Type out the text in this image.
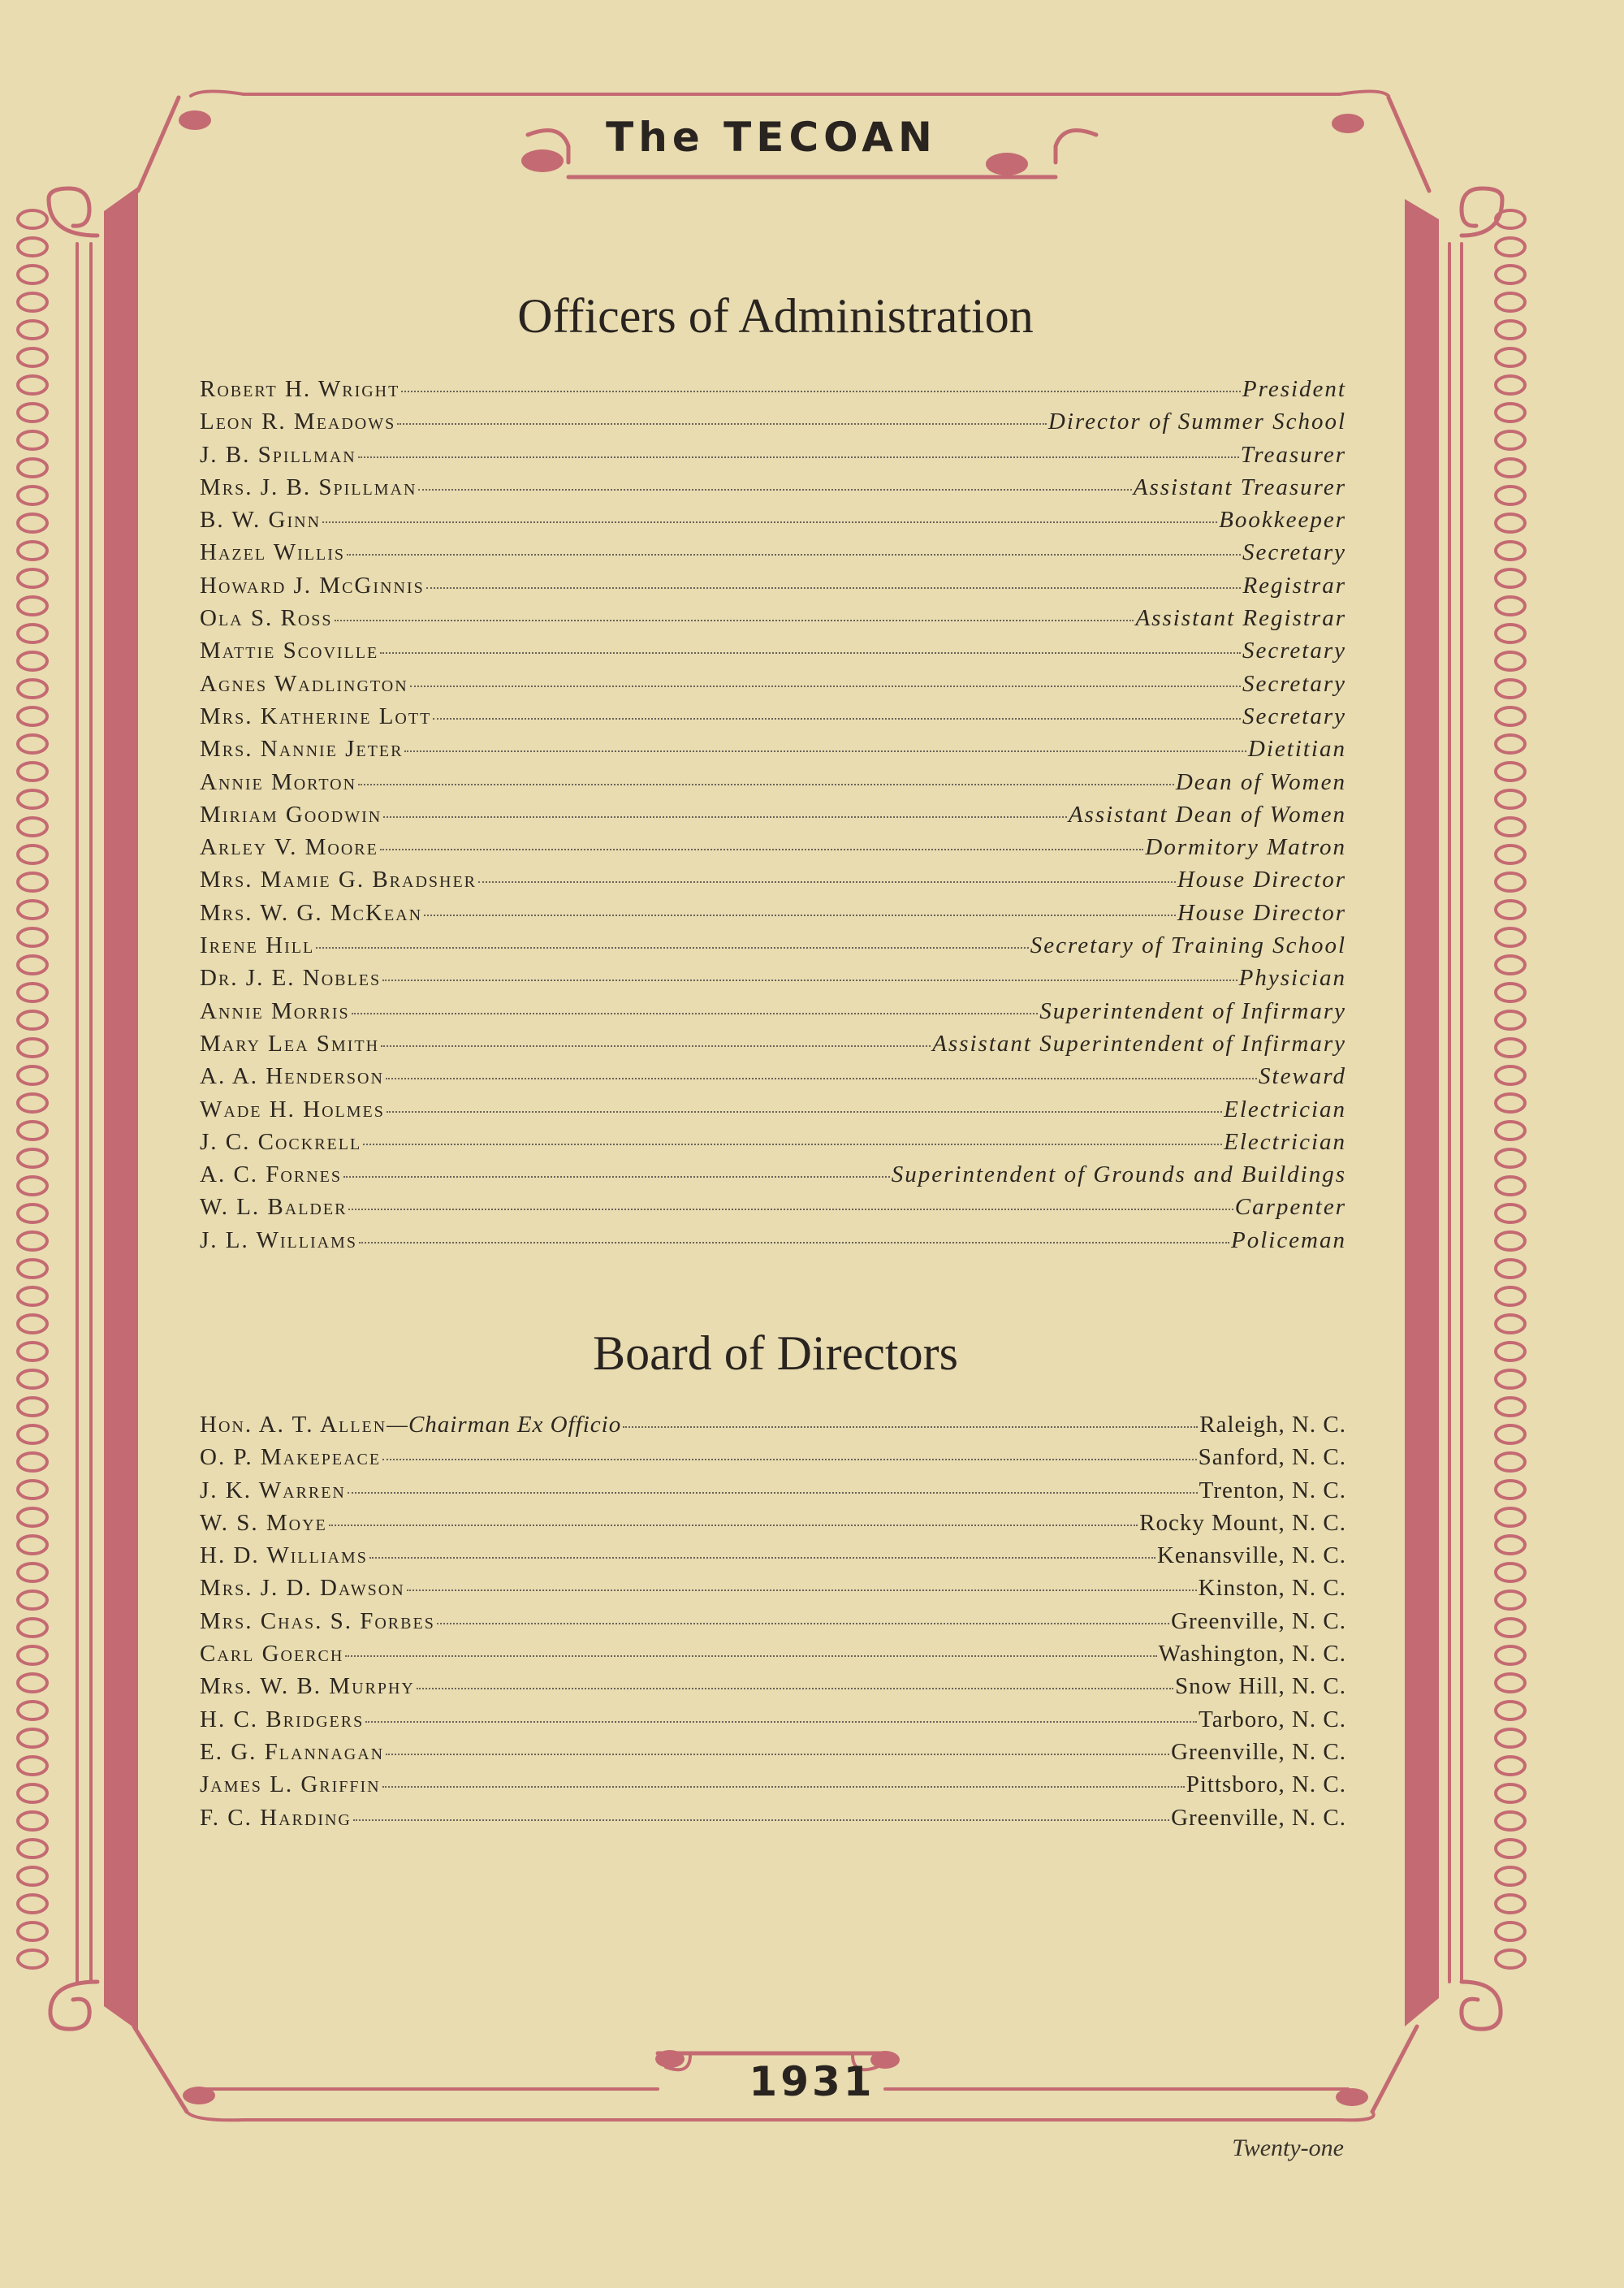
The TECOAN
Officers of Administration
Robert H. Wright	President
Leon R. Meadows	Director of Summer School
J. B. Spillman	Treasurer
Mrs. J. B. Spillman	Assistant Treasurer
B. W. Ginn	Bookkeeper
Hazel Willis	Secretary
Howard J. McGinnis	Registrar
Ola S. Ross	Assistant Registrar
Mattie Scoville	Secretary
Agnes Wadlington	Secretary
Mrs. Katherine Lott	Secretary
Mrs. Nannie Jeter	Dietitian
Annie Morton	Dean of Women
Miriam Goodwin	Assistant Dean of Women
Arley V. Moore	Dormitory Matron
Mrs. Mamie G. Bradsher	House Director
Mrs. W. G. McKean	House Director
Irene Hill	Secretary of Training School
Dr. J. E. Nobles	Physician
Annie Morris	Superintendent of Infirmary
Mary Lea Smith	Assistant Superintendent of Infirmary
A. A. Henderson	Steward
Wade H. Holmes	Electrician
J. C. Cockrell	Electrician
A. C. Fornes	Superintendent of Grounds and Buildings
W. L. Balder	Carpenter
J. L. Williams	Policeman
Board of Directors
Hon. A. T. Allen —Chairman Ex Officio	Raleigh, N. C.
O. P. Makepeace	Sanford, N. C.
J. K. Warren	Trenton, N. C.
W. S. Moye	Rocky Mount, N. C.
H. D. Williams	Kenansville, N. C.
Mrs. J. D. Dawson	Kinston, N. C.
Mrs. Chas. S. Forbes	Greenville, N. C.
Carl Goerch	Washington, N. C.
Mrs. W. B. Murphy	Snow Hill, N. C.
H. C. Bridgers	Tarboro, N. C.
E. G. Flannagan	Greenville, N. C.
James L. Griffin	Pittsboro, N. C.
F. C. Harding	Greenville, N. C.
1931
Twenty-one
